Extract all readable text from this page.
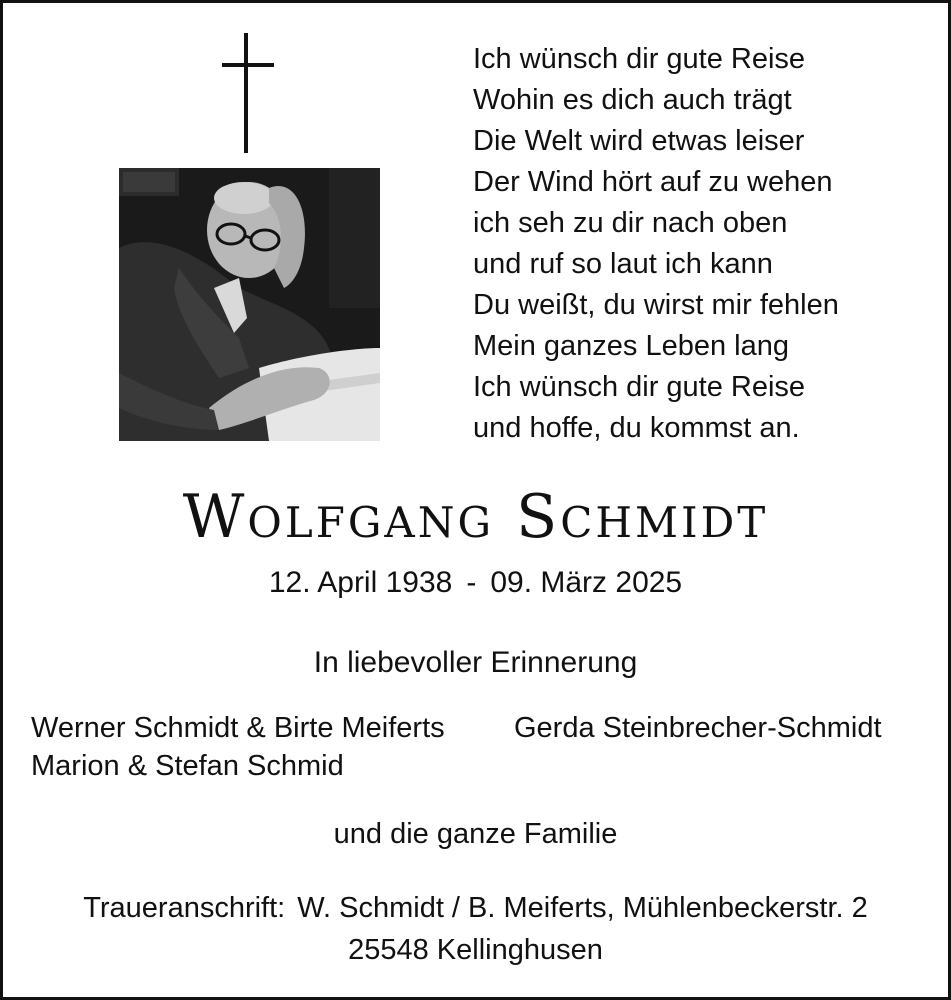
Ich wünsch dir gute Reise
Wohin es dich auch trägt
Die Welt wird etwas leiser
Der Wind hört auf zu wehen
ich seh zu dir nach oben
und ruf so laut ich kann
Du weißt, du wirst mir fehlen
Mein ganzes Leben lang
Ich wünsch dir gute Reise
und hoffe, du kommst an.
Wolfgang Schmidt
12. April 1938 - 09. März 2025
In liebevoller Erinnerung
Werner Schmidt & Birte Meiferts Gerda Steinbrecher-Schmidt
Marion & Stefan Schmid
und die ganze Familie
Traueranschrift: W. Schmidt / B. Meiferts, Mühlenbeckerstr. 2
25548 Kellinghusen
